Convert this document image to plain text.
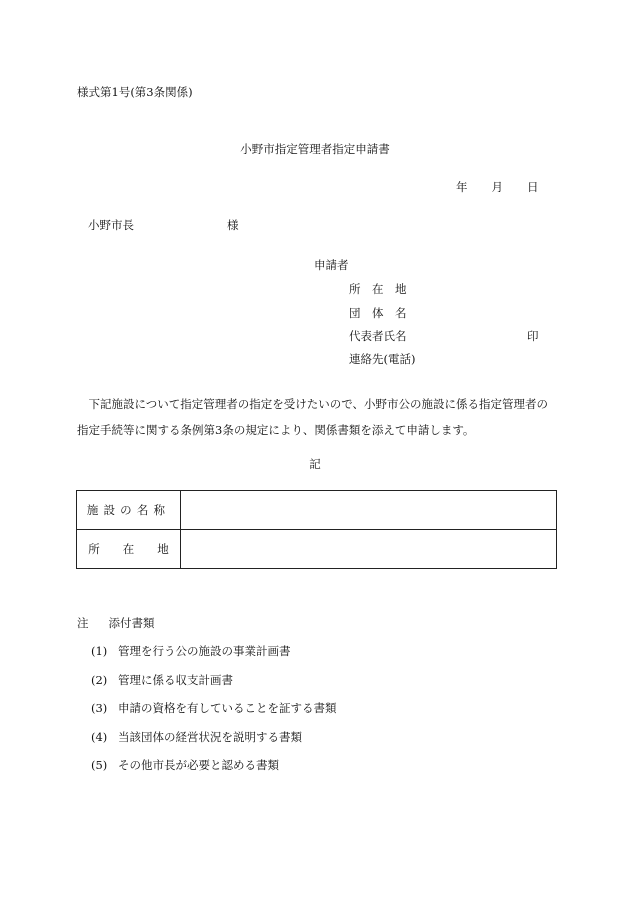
様式第1号(第3条関係)
小野市指定管理者指定申請書
年 月 日
小野市長	様
申請者
所　在　地
団　体　名
代表者氏名
連絡先(電話)
印
下記施設について指定管理者の指定を受けたいので、小野市公の施設に係る指定管理者の指定手続等に関する条例第3条の規定により、関係書類を添えて申請します。
記
施設の名称	
所　　在　　地	
注 添付書類
(1) 管理を行う公の施設の事業計画書
(2) 管理に係る収支計画書
(3) 申請の資格を有していることを証する書類
(4) 当該団体の経営状況を説明する書類
(5) その他市長が必要と認める書類
